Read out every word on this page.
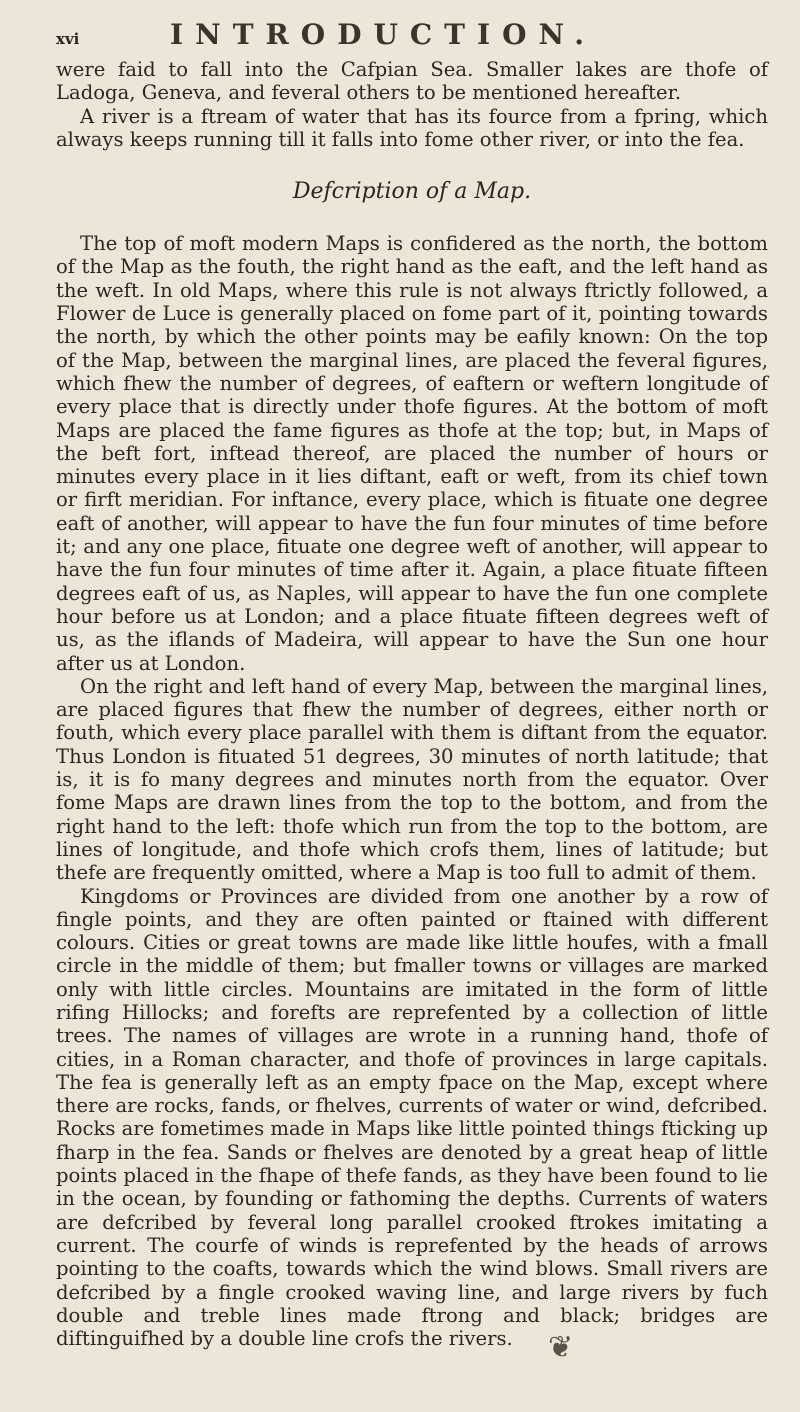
xvi	INTRODUCTION.

were faid to fall into the Cafpian Sea. Smaller lakes are thofe of Ladoga, Geneva, and feveral others to be mentioned hereafter.

A river is a ftream of water that has its fource from a fpring, which always keeps running till it falls into fome other river, or into the fea.

Defcription of a Map.

The top of moft modern Maps is confidered as the north, the bottom of the Map as the fouth, the right hand as the eaft, and the left hand as the weft. In old Maps, where this rule is not always ftrictly followed, a Flower de Luce is generally placed on fome part of it, pointing towards the north, by which the other points may be eafily known: On the top of the Map, between the marginal lines, are placed the feveral figures, which fhew the number of degrees, of eaftern or weftern longitude of every place that is directly under thofe figures. At the bottom of moft Maps are placed the fame figures as thofe at the top; but, in Maps of the beft fort, inftead thereof, are placed the number of hours or minutes every place in it lies diftant, eaft or weft, from its chief town or firft meridian. For inftance, every place, which is fituate one degree eaft of another, will appear to have the fun four minutes of time before it; and any one place, fituate one degree weft of another, will appear to have the fun four minutes of time after it. Again, a place fituate fifteen degrees eaft of us, as Naples, will appear to have the fun one complete hour before us at London; and a place fituate fifteen degrees weft of us, as the iflands of Madeira, will appear to have the Sun one hour after us at London.

On the right and left hand of every Map, between the marginal lines, are placed figures that fhew the number of degrees, either north or fouth, which every place parallel with them is diftant from the equator. Thus London is fituated 51 degrees, 30 minutes of north latitude; that is, it is fo many degrees and minutes north from the equator. Over fome Maps are drawn lines from the top to the bottom, and from the right hand to the left: thofe which run from the top to the bottom, are lines of longitude, and thofe which crofs them, lines of latitude; but thefe are frequently omitted, where a Map is too full to admit of them.

Kingdoms or Provinces are divided from one another by a row of fingle points, and they are often painted or ftained with different colours. Cities or great towns are made like little houfes, with a fmall circle in the middle of them; but fmaller towns or villages are marked only with little circles. Mountains are imitated in the form of little rifing Hillocks; and forefts are reprefented by a collection of little trees. The names of villages are wrote in a running hand, thofe of cities, in a Roman character, and thofe of provinces in large capitals. The fea is generally left as an empty fpace on the Map, except where there are rocks, fands, or fhelves, currents of water or wind, defcribed. Rocks are fometimes made in Maps like little pointed things fticking up fharp in the fea. Sands or fhelves are denoted by a great heap of little points placed in the fhape of thefe fands, as they have been found to lie in the ocean, by founding or fathoming the depths. Currents of waters are defcribed by feveral long parallel crooked ftrokes imitating a current. The courfe of winds is reprefented by the heads of arrows pointing to the coafts, towards which the wind blows. Small rivers are defcribed by a fingle crooked waving line, and large rivers by fuch double and treble lines made ftrong and black; bridges are diftinguifhed by a double line crofs the rivers.	❦
